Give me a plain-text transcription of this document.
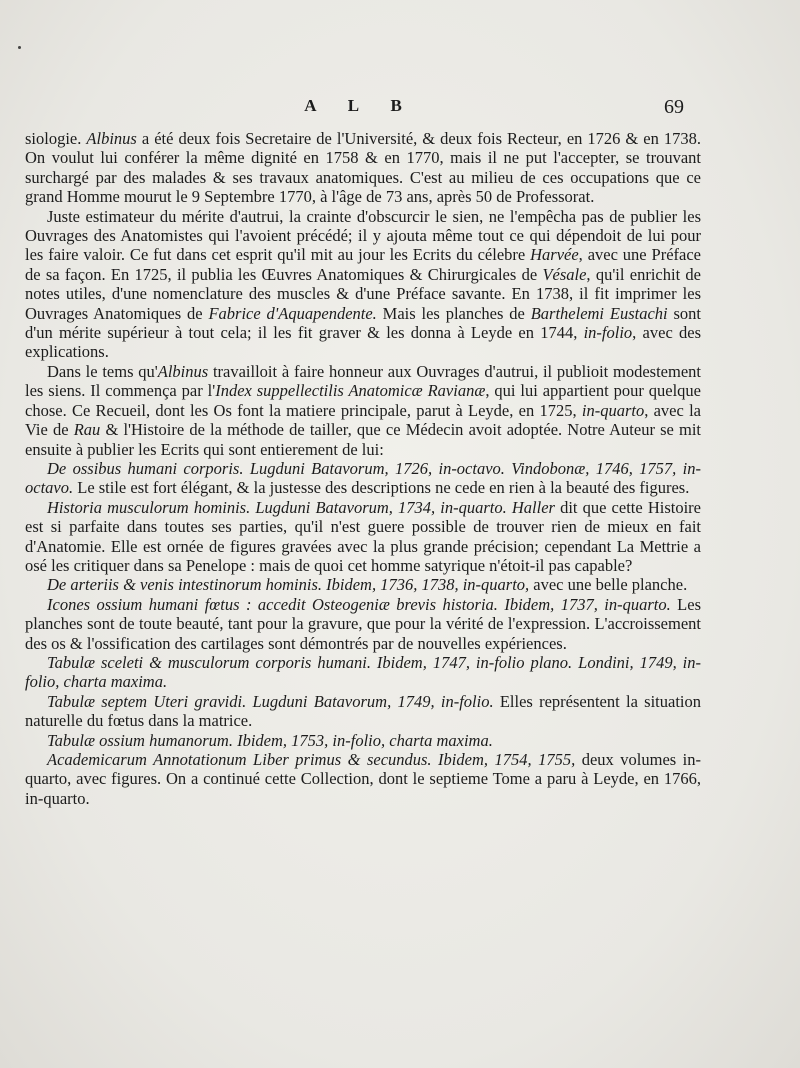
A L B	69

siologie. Albinus a été deux fois Secretaire de l'Université, & deux fois Recteur, en 1726 & en 1738. On voulut lui conférer la même dignité en 1758 & en 1770, mais il ne put l'accepter, se trouvant surchargé par des malades & ses travaux anatomiques. C'est au milieu de ces occupations que ce grand Homme mourut le 9 Septembre 1770, à l'âge de 73 ans, après 50 de Professorat.

Juste estimateur du mérite d'autrui, la crainte d'obscurcir le sien, ne l'empêcha pas de publier les Ouvrages des Anatomistes qui l'avoient précédé; il y ajouta même tout ce qui dépendoit de lui pour les faire valoir. Ce fut dans cet esprit qu'il mit au jour les Ecrits du célebre Harvée, avec une Préface de sa façon. En 1725, il publia les Œuvres Anatomiques & Chirurgicales de Vésale, qu'il enrichit de notes utiles, d'une nomenclature des muscles & d'une Préface savante. En 1738, il fit imprimer les Ouvrages Anatomiques de Fabrice d'Aquapendente. Mais les planches de Barthelemi Eustachi sont d'un mérite supérieur à tout cela; il les fit graver & les donna à Leyde en 1744, in-folio, avec des explications.

Dans le tems qu'Albinus travailloit à faire honneur aux Ouvrages d'autrui, il publioit modestement les siens. Il commença par l'Index suppellectilis Anatomicæ Ravianæ, qui lui appartient pour quelque chose. Ce Recueil, dont les Os font la matiere principale, parut à Leyde, en 1725, in-quarto, avec la Vie de Rau & l'Histoire de la méthode de tailler, que ce Médecin avoit adoptée. Notre Auteur se mit ensuite à publier les Ecrits qui sont entierement de lui:

De ossibus humani corporis. Lugduni Batavorum, 1726, in-octavo. Vindobonæ, 1746, 1757, in-octavo. Le stile est fort élégant, & la justesse des descriptions ne cede en rien à la beauté des figures.

Historia musculorum hominis. Lugduni Batavorum, 1734, in-quarto. Haller dit que cette Histoire est si parfaite dans toutes ses parties, qu'il n'est guere possible de trouver rien de mieux en fait d'Anatomie. Elle est ornée de figures gravées avec la plus grande précision; cependant La Mettrie a osé les critiquer dans sa Penelope : mais de quoi cet homme satyrique n'étoit-il pas capable?

De arteriis & venis intestinorum hominis. Ibidem, 1736, 1738, in-quarto, avec une belle planche.

Icones ossium humani fœtus : accedit Osteogeniæ brevis historia. Ibidem, 1737, in-quarto. Les planches sont de toute beauté, tant pour la gravure, que pour la vérité de l'expression. L'accroissement des os & l'ossification des cartilages sont démontrés par de nouvelles expériences.

Tabulæ sceleti & musculorum corporis humani. Ibidem, 1747, in-folio plano. Londini, 1749, in-folio, charta maxima.

Tabulæ septem Uteri gravidi. Lugduni Batavorum, 1749, in-folio. Elles représentent la situation naturelle du fœtus dans la matrice.

Tabulæ ossium humanorum. Ibidem, 1753, in-folio, charta maxima.

Academicarum Annotationum Liber primus & secundus. Ibidem, 1754, 1755, deux volumes in-quarto, avec figures. On a continué cette Collection, dont le septieme Tome a paru à Leyde, en 1766, in-quarto.
